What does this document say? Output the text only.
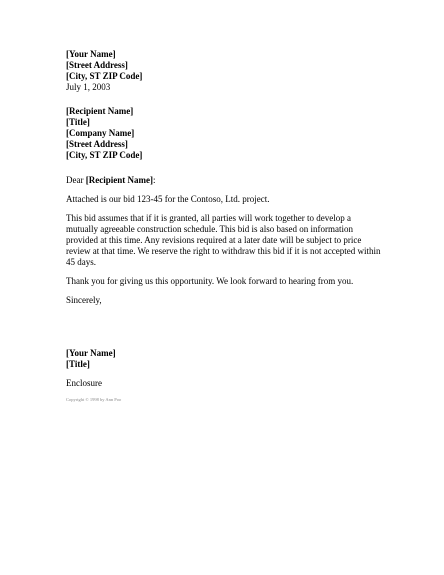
[Your Name]
[Street Address]
[City, ST ZIP Code]
July 1, 2003
[Recipient Name]
[Title]
[Company Name]
[Street Address]
[City, ST ZIP Code]
Dear [Recipient Name]:

Attached is our bid 123-45 for the Contoso, Ltd. project.

This bid assumes that if it is granted, all parties will work together to develop a mutually agreeable construction schedule. This bid is also based on information provided at this time. Any revisions required at a later date will be subject to price review at that time. We reserve the right to withdraw this bid if it is not accepted within 45 days.

Thank you for giving us this opportunity. We look forward to hearing from you.

Sincerely,
[Your Name]
[Title]
Enclosure
Copyright © 1998 by Ann Poo
